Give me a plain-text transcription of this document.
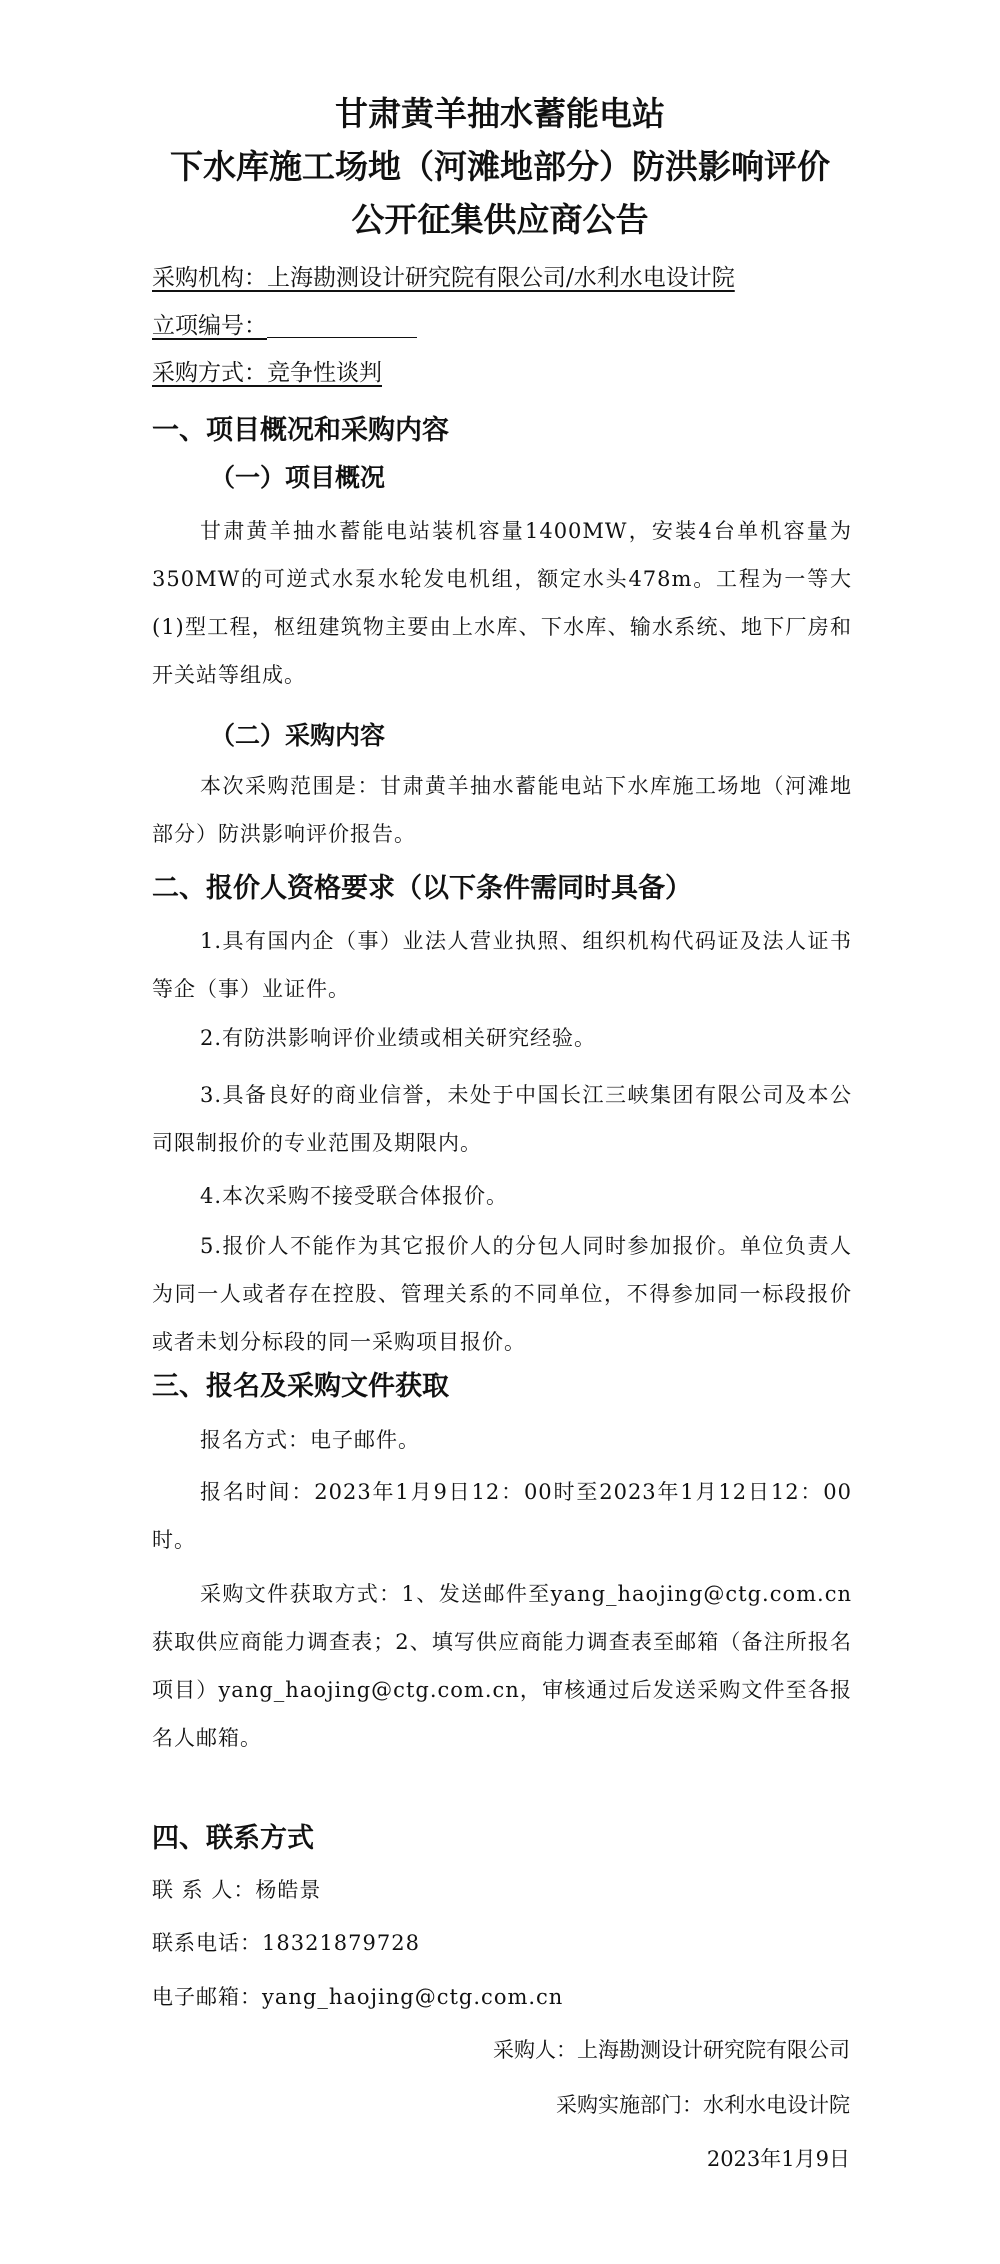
甘肃黄羊抽水蓄能电站
下水库施工场地（河滩地部分）防洪影响评价
公开征集供应商公告
采购机构：上海勘测设计研究院有限公司/水利水电设计院
立项编号：
采购方式：竞争性谈判
一、项目概况和采购内容
（一）项目概况
甘肃黄羊抽水蓄能电站装机容量1400MW，安装4台单机容量为350MW的可逆式水泵水轮发电机组，额定水头478m。工程为一等大(1)型工程，枢纽建筑物主要由上水库、下水库、输水系统、地下厂房和开关站等组成。
（二）采购内容
本次采购范围是：甘肃黄羊抽水蓄能电站下水库施工场地（河滩地部分）防洪影响评价报告。
二、报价人资格要求（以下条件需同时具备）
1.具有国内企（事）业法人营业执照、组织机构代码证及法人证书等企（事）业证件。
2.有防洪影响评价业绩或相关研究经验。
3.具备良好的商业信誉，未处于中国长江三峡集团有限公司及本公司限制报价的专业范围及期限内。
4.本次采购不接受联合体报价。
5.报价人不能作为其它报价人的分包人同时参加报价。单位负责人为同一人或者存在控股、管理关系的不同单位，不得参加同一标段报价或者未划分标段的同一采购项目报价。
三、报名及采购文件获取
报名方式：电子邮件。
报名时间：2023年1月9日12：00时至2023年1月12日12：00时。
采购文件获取方式：1、发送邮件至yang_haojing@ctg.com.cn获取供应商能力调查表；2、填写供应商能力调查表至邮箱（备注所报名项目）yang_haojing@ctg.com.cn，审核通过后发送采购文件至各报名人邮箱。
四、联系方式
联 系 人：杨皓景
联系电话：18321879728
电子邮箱：yang_haojing@ctg.com.cn
采购人：上海勘测设计研究院有限公司
采购实施部门：水利水电设计院
2023年1月9日
